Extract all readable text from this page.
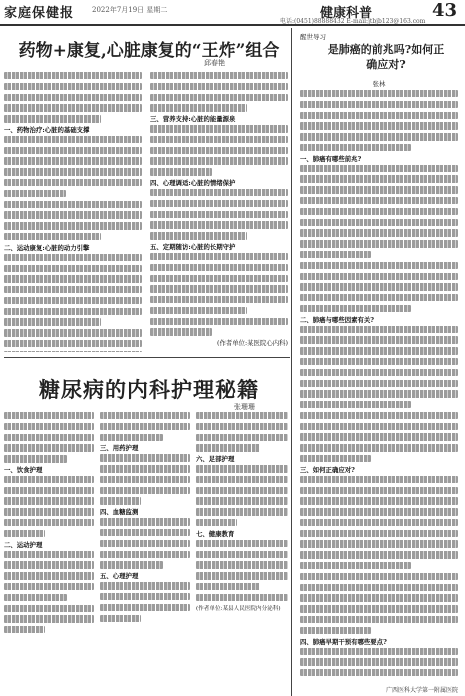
家庭保健报	2022年7月19日 星期二	健康科普	43
电话:(0451)88888432 E-mail:jtbjb123@163.com
药物+康复,心脏康复的“王炸”组合
邱春艳
一、药物治疗:心脏的基础支撑
二、运动康复:心脏的动力引擎
三、营养支持:心脏的能量源泉
四、心理调适:心脏的情绪保护
五、定期随访:心脏的长期守护
(作者单位:某医院心内科)
糖尿病的内科护理秘籍
张珊珊
一、饮食护理
二、运动护理
三、用药护理
四、血糖监测
五、心理护理
六、足部护理
七、健康教育
(作者单位:某县人民医院内分泌科)
醒世导习
是肺癌的前兆吗?如何正确应对?
张林
一、肺癌有哪些前兆?
二、肺癌与哪些因素有关?
三、如何正确应对?
四、肺癌早期干预有哪些要点?
广西医科大学第一附属医院
